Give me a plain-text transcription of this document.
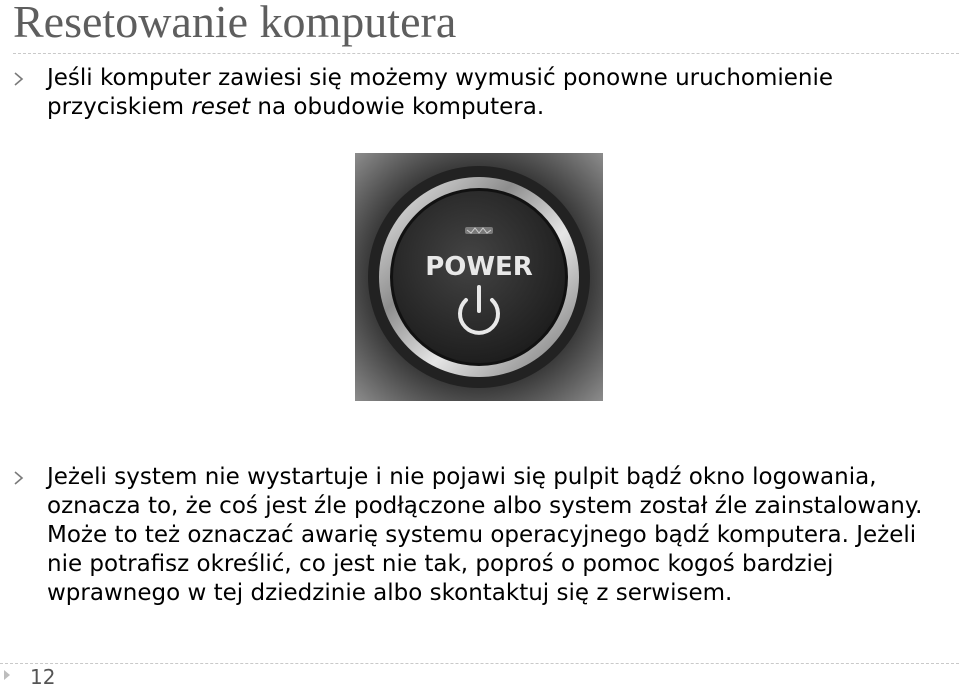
Resetowanie komputera
Jeśli komputer zawiesi się możemy wymusić ponowne uruchomienie przyciskiem reset na obudowie komputera.
POWER
Jeżeli system nie wystartuje i nie pojawi się pulpit bądź okno logowania, oznacza to, że coś jest źle podłączone albo system został źle zainstalowany. Może to też oznaczać awarię systemu operacyjnego bądź komputera. Jeżeli nie potrafisz określić, co jest nie tak, poproś o pomoc kogoś bardziej wprawnego w tej dziedzinie albo skontaktuj się z serwisem.
12
